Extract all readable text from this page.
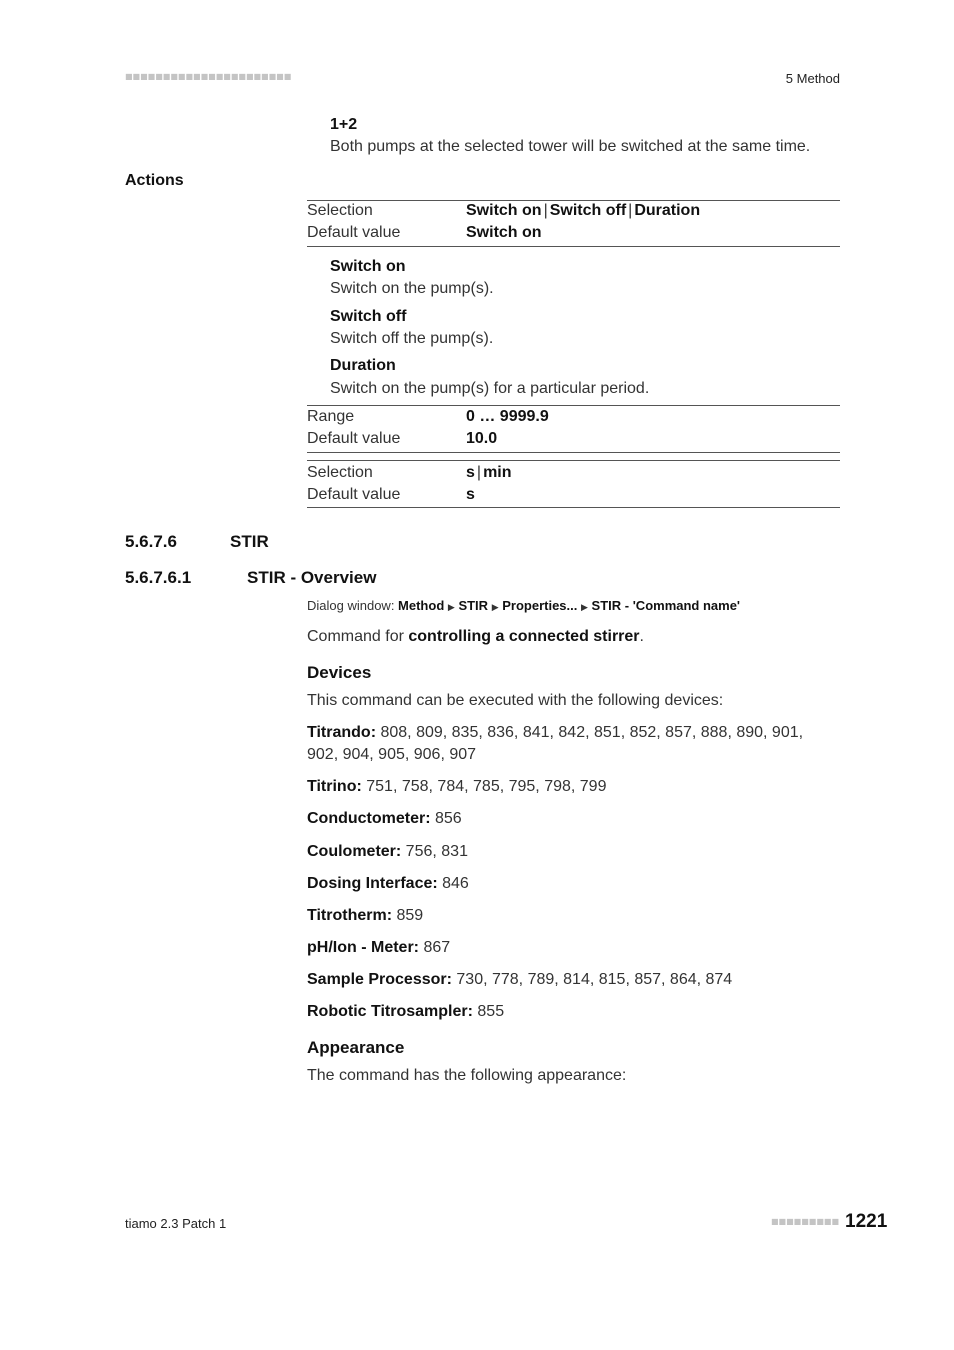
■■■■■■■■■■■■■■■■■■■■■■	5 Method
1+2
Both pumps at the selected tower will be switched at the same time.
Actions
Selection	Switch on | Switch off | Duration
Default value	Switch on
Switch on
Switch on the pump(s).
Switch off
Switch off the pump(s).
Duration
Switch on the pump(s) for a particular period.
Range	0 … 9999.9
Default value	10.0
Selection	s | min
Default value	s
5.6.7.6	STIR
5.6.7.6.1	STIR - Overview
Dialog window: Method ▶ STIR ▶ Properties... ▶ STIR - 'Command name'
Command for controlling a connected stirrer.
Devices
This command can be executed with the following devices:
Titrando: 808, 809, 835, 836, 841, 842, 851, 852, 857, 888, 890, 901,
902, 904, 905, 906, 907
Titrino: 751, 758, 784, 785, 795, 798, 799
Conductometer: 856
Coulometer: 756, 831
Dosing Interface: 846
Titrotherm: 859
pH/Ion - Meter: 867
Sample Processor: 730, 778, 789, 814, 815, 857, 864, 874
Robotic Titrosampler: 855
Appearance
The command has the following appearance:
tiamo 2.3 Patch 1	■■■■■■■■■ 1221
